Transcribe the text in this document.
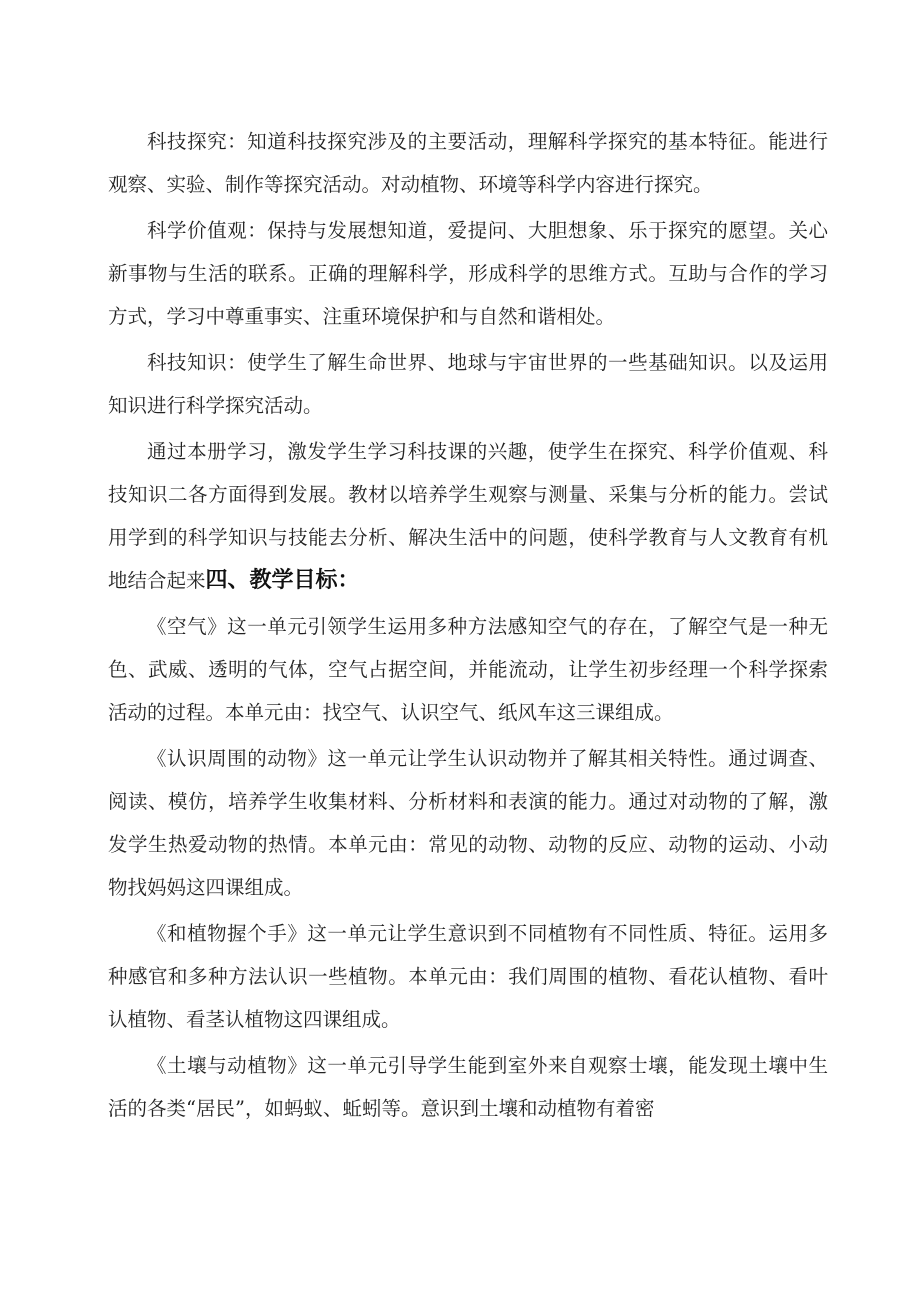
科技探究：知道科技探究涉及的主要活动，理解科学探究的基本特征。能进行观察、实验、制作等探究活动。对动植物、环境等科学内容进行探究。

科学价值观：保持与发展想知道，爱提问、大胆想象、乐于探究的愿望。关心新事物与生活的联系。正确的理解科学，形成科学的思维方式。互助与合作的学习方式，学习中尊重事实、注重环境保护和与自然和谐相处。

科技知识：使学生了解生命世界、地球与宇宙世界的一些基础知识。以及运用知识进行科学探究活动。

通过本册学习，激发学生学习科技课的兴趣，使学生在探究、科学价值观、科技知识二各方面得到发展。教材以培养学生观察与测量、采集与分析的能力。尝试用学到的科学知识与技能去分析、解决生活中的问题，使科学教育与人文教育有机地结合起来四、教学目标：

《空气》这一单元引领学生运用多种方法感知空气的存在，了解空气是一种无色、武威、透明的气体，空气占据空间，并能流动，让学生初步经理一个科学探索活动的过程。本单元由：找空气、认识空气、纸风车这三课组成。

《认识周围的动物》这一单元让学生认识动物并了解其相关特性。通过调查、阅读、模仿，培养学生收集材料、分析材料和表演的能力。通过对动物的了解，激发学生热爱动物的热情。本单元由：常见的动物、动物的反应、动物的运动、小动物找妈妈这四课组成。

《和植物握个手》这一单元让学生意识到不同植物有不同性质、特征。运用多种感官和多种方法认识一些植物。本单元由：我们周围的植物、看花认植物、看叶认植物、看茎认植物这四课组成。

《土壤与动植物》这一单元引导学生能到室外来自观察士壤，能发现土壤中生活的各类“居民”，如蚂蚁、蚯蚓等。意识到土壤和动植物有着密
